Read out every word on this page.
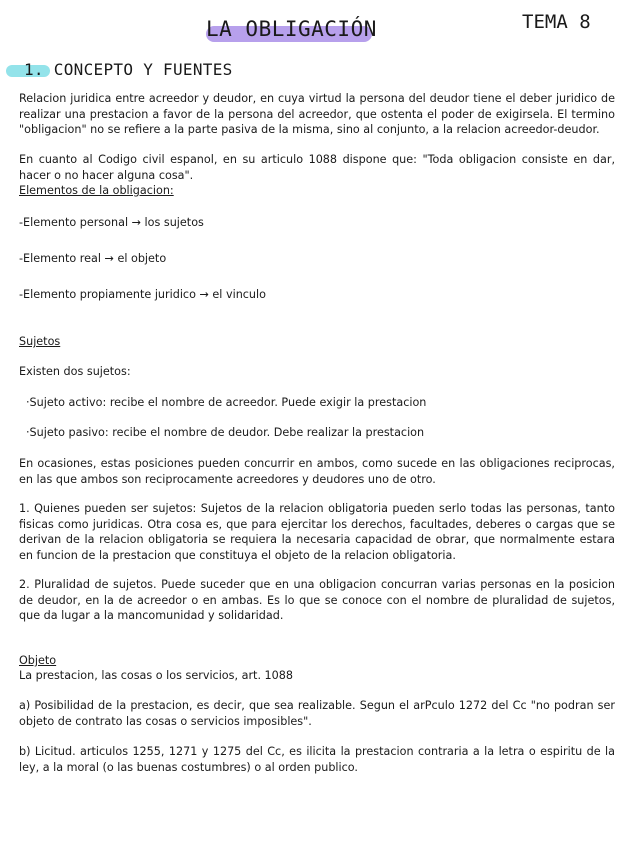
LA OBLIGACIÓN	TEMA 8
1. CONCEPTO Y FUENTES

Relacion juridica entre acreedor y deudor, en cuya virtud la persona del deudor tiene el deber juridico de realizar una prestacion a favor de la persona del acreedor, que ostenta el poder de exigirsela. El termino "obligacion" no se refiere a la parte pasiva de la misma, sino al conjunto, a la relacion acreedor-deudor.

En cuanto al Codigo civil espanol, en su articulo 1088 dispone que: "Toda obligacion consiste en dar, hacer o no hacer alguna cosa".

Elementos de la obligacion:

-Elemento personal → los sujetos

-Elemento real → el objeto

-Elemento propiamente juridico → el vinculo

Sujetos

Existen dos sujetos:

·Sujeto activo: recibe el nombre de acreedor. Puede exigir la prestacion

·Sujeto pasivo: recibe el nombre de deudor. Debe realizar la prestacion

En ocasiones, estas posiciones pueden concurrir en ambos, como sucede en las obligaciones reciprocas, en las que ambos son reciprocamente acreedores y deudores uno de otro.

1. Quienes pueden ser sujetos: Sujetos de la relacion obligatoria pueden serlo todas las personas, tanto fisicas como juridicas. Otra cosa es, que para ejercitar los derechos, facultades, deberes o cargas que se derivan de la relacion obligatoria se requiera la necesaria capacidad de obrar, que normalmente estara en funcion de la prestacion que constituya el objeto de la relacion obligatoria.

2. Pluralidad de sujetos. Puede suceder que en una obligacion concurran varias personas en la posicion de deudor, en la de acreedor o en ambas. Es lo que se conoce con el nombre de pluralidad de sujetos, que da lugar a la mancomunidad y solidaridad.

Objeto

La prestacion, las cosas o los servicios, art. 1088

a) Posibilidad de la prestacion, es decir, que sea realizable. Segun el arPculo 1272 del Cc "no podran ser objeto de contrato las cosas o servicios imposibles".

b) Licitud. articulos 1255, 1271 y 1275 del Cc, es ilicita la prestacion contraria a la letra o espiritu de la ley, a la moral (o las buenas costumbres) o al orden publico.
